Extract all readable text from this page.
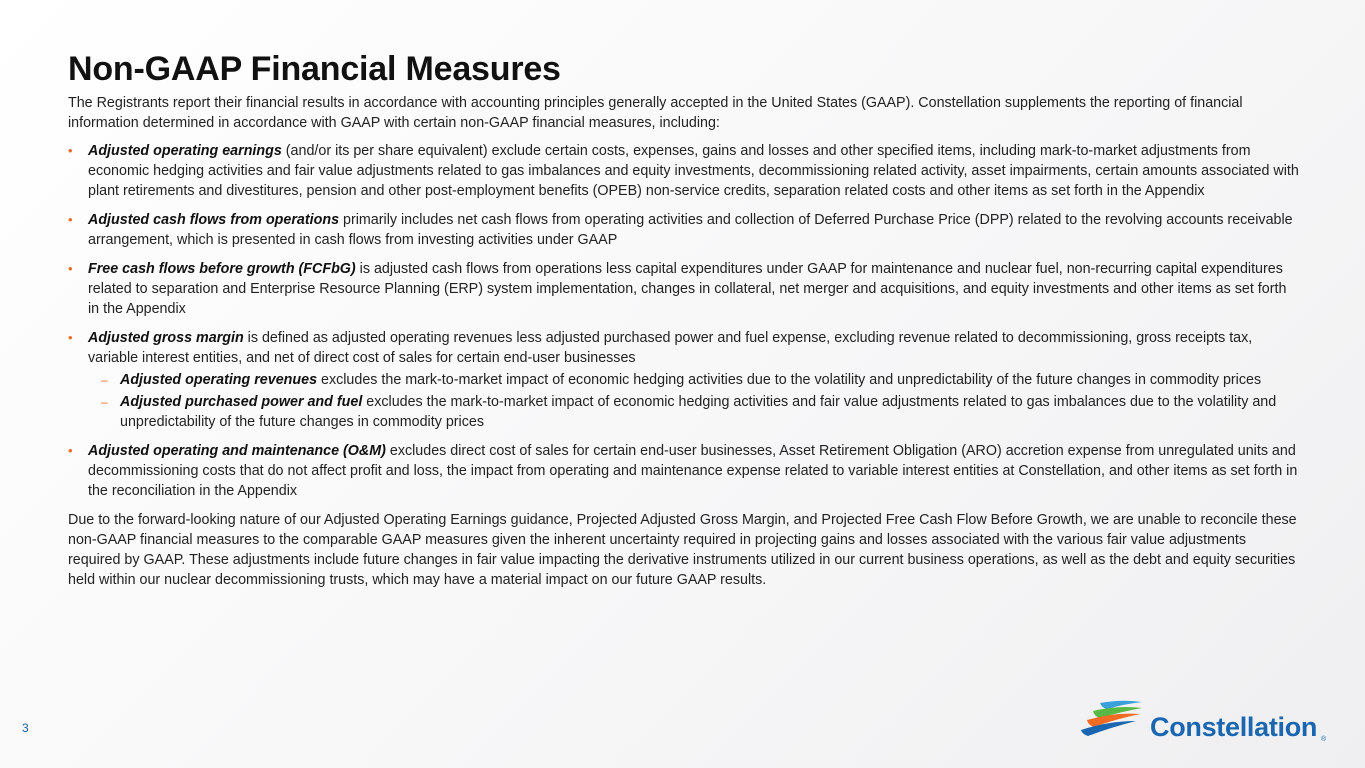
Non-GAAP Financial Measures

The Registrants report their financial results in accordance with accounting principles generally accepted in the United States (GAAP). Constellation supplements the reporting of financial information determined in accordance with GAAP with certain non-GAAP financial measures, including:

• Adjusted operating earnings (and/or its per share equivalent) exclude certain costs, expenses, gains and losses and other specified items, including mark-to-market adjustments from economic hedging activities and fair value adjustments related to gas imbalances and equity investments, decommissioning related activity, asset impairments, certain amounts associated with plant retirements and divestitures, pension and other post-employment benefits (OPEB) non-service credits, separation related costs and other items as set forth in the Appendix
• Adjusted cash flows from operations primarily includes net cash flows from operating activities and collection of Deferred Purchase Price (DPP) related to the revolving accounts receivable arrangement, which is presented in cash flows from investing activities under GAAP
• Free cash flows before growth (FCFbG) is adjusted cash flows from operations less capital expenditures under GAAP for maintenance and nuclear fuel, non-recurring capital expenditures related to separation and Enterprise Resource Planning (ERP) system implementation, changes in collateral, net merger and acquisitions, and equity investments and other items as set forth in the Appendix
• Adjusted gross margin is defined as adjusted operating revenues less adjusted purchased power and fuel expense, excluding revenue related to decommissioning, gross receipts tax, variable interest entities, and net of direct cost of sales for certain end-user businesses
– Adjusted operating revenues excludes the mark-to-market impact of economic hedging activities due to the volatility and unpredictability of the future changes in commodity prices
– Adjusted purchased power and fuel excludes the mark-to-market impact of economic hedging activities and fair value adjustments related to gas imbalances due to the volatility and unpredictability of the future changes in commodity prices
• Adjusted operating and maintenance (O&M) excludes direct cost of sales for certain end-user businesses, Asset Retirement Obligation (ARO) accretion expense from unregulated units and decommissioning costs that do not affect profit and loss, the impact from operating and maintenance expense related to variable interest entities at Constellation, and other items as set forth in the reconciliation in the Appendix

Due to the forward-looking nature of our Adjusted Operating Earnings guidance, Projected Adjusted Gross Margin, and Projected Free Cash Flow Before Growth, we are unable to reconcile these non-GAAP financial measures to the comparable GAAP measures given the inherent uncertainty required in projecting gains and losses associated with the various fair value adjustments required by GAAP. These adjustments include future changes in fair value impacting the derivative instruments utilized in our current business operations, as well as the debt and equity securities held within our nuclear decommissioning trusts, which may have a material impact on our future GAAP results.

3	Constellation ®
